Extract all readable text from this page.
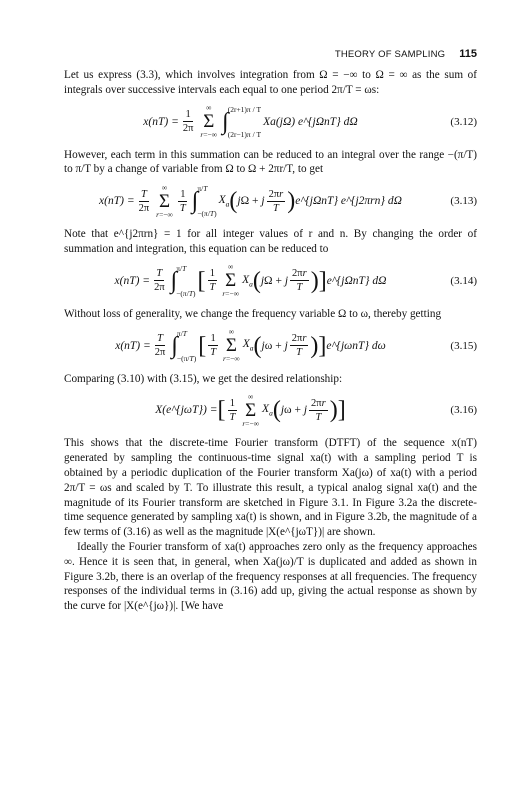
THEORY OF SAMPLING 115

Let us express (3.3), which involves integration from Ω = −∞ to Ω = ∞ as the sum of integrals over successive intervals each equal to one period 2π/T = ωs:

$x(nT) = \frac{1}{2\pi}$
∞
Σ
r=−∞ ∫ (2r+1)π / T
(2r−1)π / T
Xa(jΩ) e^{jΩnT} dΩ	(3.12)

However, each term in this summation can be reduced to an integral over the range −(π/T) to π/T by a change of variable from Ω to Ω + 2πr/T, to get

$x(nT) = \frac{T}{2\pi}$
∞
Σ
r=−∞
$\frac{1}{T}$ ∫ π/T
−(π/T)
$X_a$ ( jΩ + j $\frac{2\pi r}{T}$ ) e^{jΩnT} e^{j2πrn} dΩ	(3.13)

Note that e^{j2πrn} = 1 for all integer values of r and n. By changing the order of summation and integration, this equation can be reduced to

$x(nT) = \frac{T}{2\pi}$ ∫ π/T
−(π/T) [ $\frac{1}{T}$
∞
Σ
r=−∞
$X_a$ ( jΩ + j $\frac{2\pi r}{T}$ ) ] e^{jΩnT} dΩ	(3.14)

Without loss of generality, we change the frequency variable Ω to ω, thereby getting

$x(nT) = \frac{T}{2\pi}$ ∫ π/T
−(π/T) [ $\frac{1}{T}$
∞
Σ
r=−∞
$X_a$ ( jω + j $\frac{2\pi r}{T}$ ) ] e^{jωnT} dω	(3.15)

Comparing (3.10) with (3.15), we get the desired relationship:

X(e^{jωT}) = [ $\frac{1}{T}$
∞
Σ
r=−∞
$X_a$ ( jω + j $\frac{2\pi r}{T}$ ) ]	(3.16)

This shows that the discrete-time Fourier transform (DTFT) of the sequence x(nT) generated by sampling the continuous-time signal xa(t) with a sampling period T is obtained by a periodic duplication of the Fourier transform Xa(jω) of xa(t) with a period 2π/T = ωs and scaled by T. To illustrate this result, a typical analog signal xa(t) and the magnitude of its Fourier transform are sketched in Figure 3.1. In Figure 3.2a the discrete-time sequence generated by sampling xa(t) is shown, and in Figure 3.2b, the magnitude of a few terms of (3.16) as well as the magnitude |X(e^{jωT})| are shown.

Ideally the Fourier transform of xa(t) approaches zero only as the frequency approaches ∞. Hence it is seen that, in general, when Xa(jω)/T is duplicated and added as shown in Figure 3.2b, there is an overlap of the frequency responses at all frequencies. The frequency responses of the individual terms in (3.16) add up, giving the actual response as shown by the curve for |X(e^{jω})|. [We have
